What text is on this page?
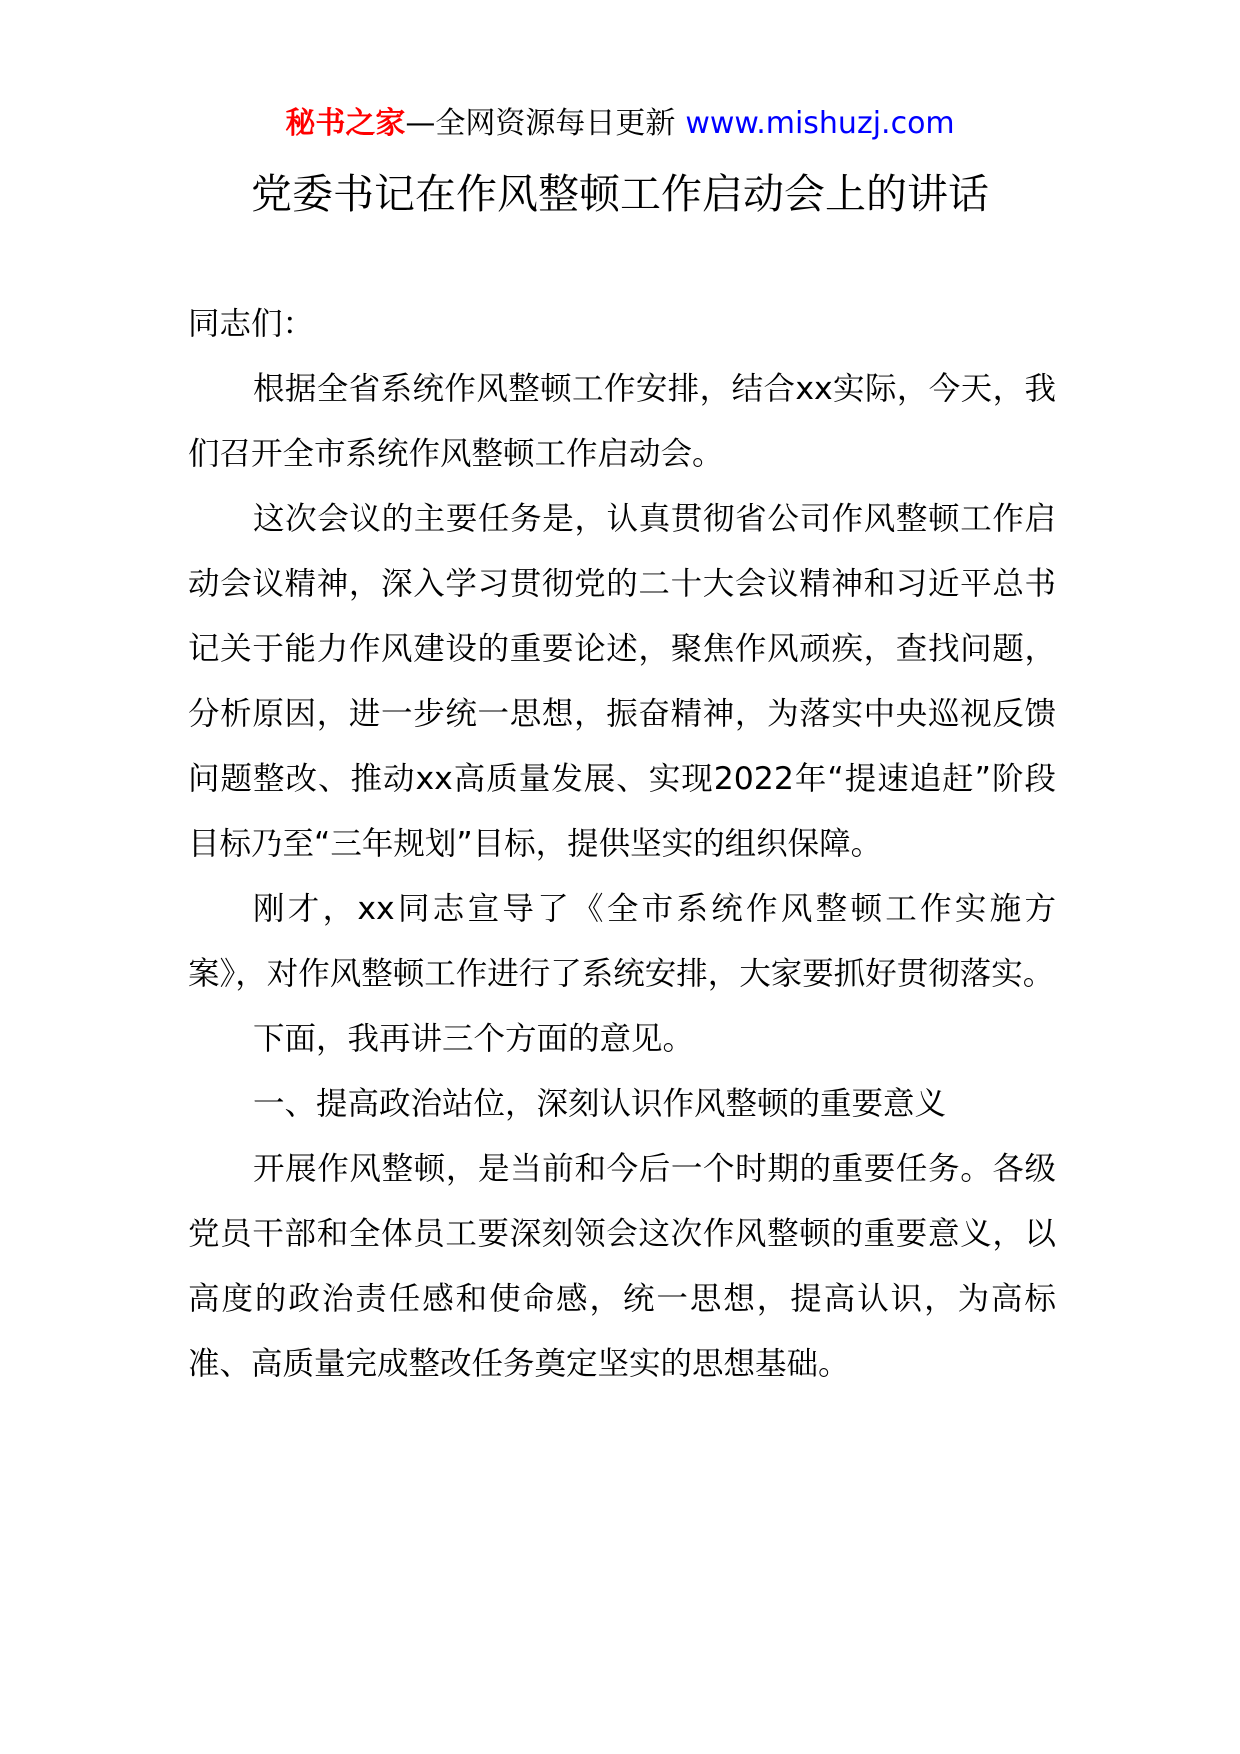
秘书之家—全网资源每日更新 www.mishuzj.com
党委书记在作风整顿工作启动会上的讲话

同志们：

根据全省系统作风整顿工作安排，结合xx实际，今天，我们召开全市系统作风整顿工作启动会。

这次会议的主要任务是，认真贯彻省公司作风整顿工作启动会议精神，深入学习贯彻党的二十大会议精神和习近平总书记关于能力作风建设的重要论述，聚焦作风顽疾，查找问题，分析原因，进一步统一思想，振奋精神，为落实中央巡视反馈问题整改、推动xx高质量发展、实现2022年“提速追赶”阶段目标乃至“三年规划”目标，提供坚实的组织保障。

刚才，xx同志宣导了《全市系统作风整顿工作实施方案》，对作风整顿工作进行了系统安排，大家要抓好贯彻落实。

下面，我再讲三个方面的意见。

一、提高政治站位，深刻认识作风整顿的重要意义

开展作风整顿，是当前和今后一个时期的重要任务。各级党员干部和全体员工要深刻领会这次作风整顿的重要意义，以高度的政治责任感和使命感，统一思想，提高认识，为高标准、高质量完成整改任务奠定坚实的思想基础。
